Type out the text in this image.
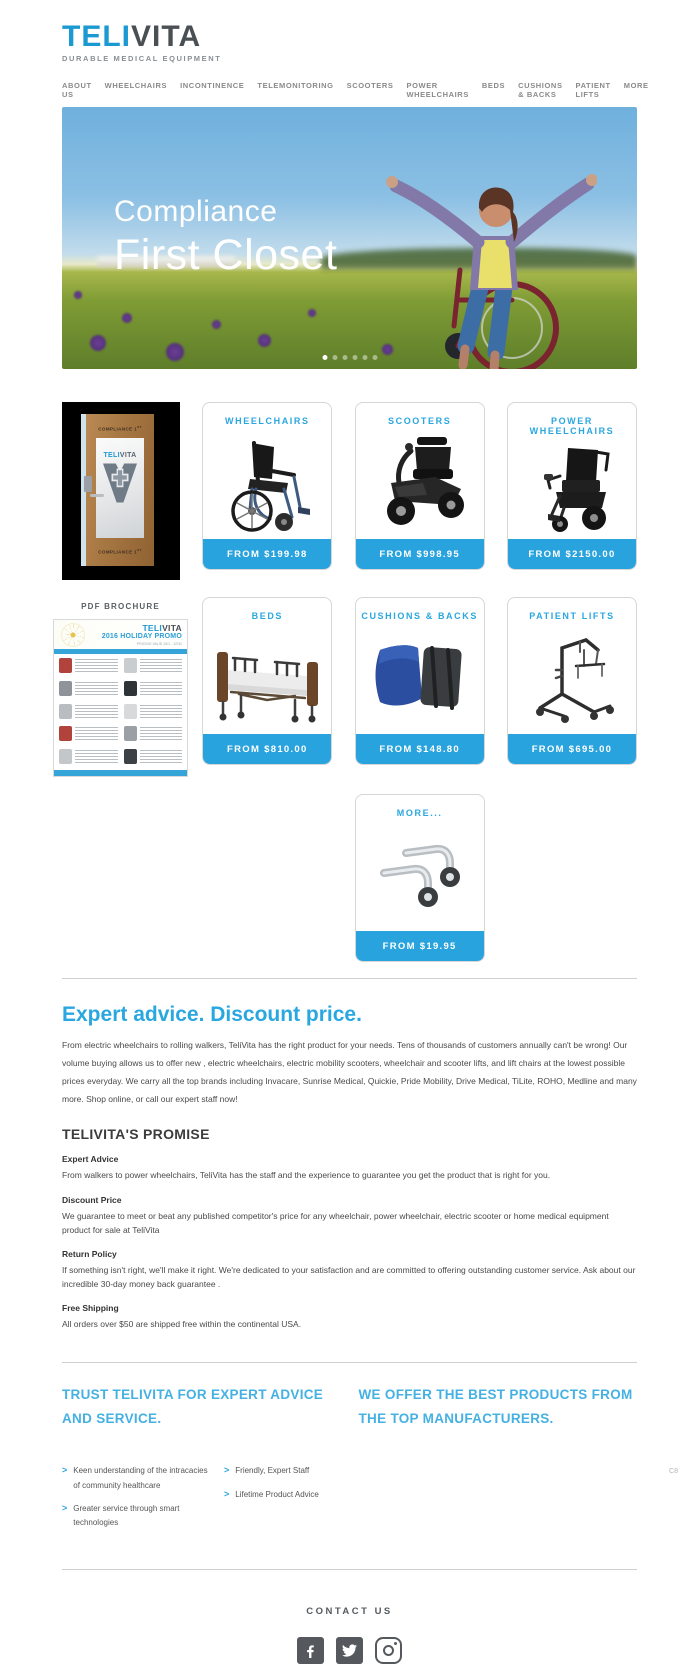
TELIVITA
DURABLE MEDICAL EQUIPMENT
ABOUT US
WHEELCHAIRS INCONTINENCE TELEMONITORING SCOOTERS POWER WHEELCHAIRS
BEDS CUSHIONS & BACKS
PATIENT LIFTS
MORE
Compliance
First Closet
COMPLIANCE 1ST
TELIVITA
COMPLIANCE 1ST
WHEELCHAIRS
FROM $199.98
SCOOTERS
FROM $998.95
POWER WHEELCHAIRS
FROM $2150.00
PDF BROCHURE
TELIVITA
2016 HOLIDAY PROMO
PRICING VALID 10/1 - 12/31
BEDS
FROM $810.00
CUSHIONS & BACKS
FROM $148.80
PATIENT LIFTS
FROM $695.00
MORE...
FROM $19.95
Expert advice. Discount price.

From electric wheelchairs to rolling walkers, TeliVita has the right product for your needs. Tens of thousands of customers annually can't be wrong! Our volume buying allows us to offer new , electric wheelchairs, electric mobility scooters, wheelchair and scooter lifts, and lift chairs at the lowest possible prices everyday. We carry all the top brands including Invacare, Sunrise Medical, Quickie, Pride Mobility, Drive Medical, TiLite, ROHO, Medline and many more. Shop online, or call our expert staff now!

TELIVITA'S PROMISE
Expert Advice
From walkers to power wheelchairs, TeliVita has the staff and the experience to guarantee you get the product that is right for you.
Discount Price
We guarantee to meet or beat any published competitor's price for any wheelchair, power wheelchair, electric scooter or home medical equipment product for sale at TeliVita
Return Policy
If something isn't right, we'll make it right. We're dedicated to your satisfaction and are committed to offering outstanding customer service. Ask about our incredible 30-day money back guarantee .
Free Shipping
All orders over $50 are shipped free within the continental USA.
TRUST TELIVITA FOR EXPERT ADVICE AND SERVICE.
WE OFFER THE BEST PRODUCTS FROM THE TOP MANUFACTURERS.
> Keen understanding of the intracacies of community healthcare
> Greater service through smart technologies
> Friendly, Expert Staff
> Lifetime Product Advice
CONTACT US
C8
